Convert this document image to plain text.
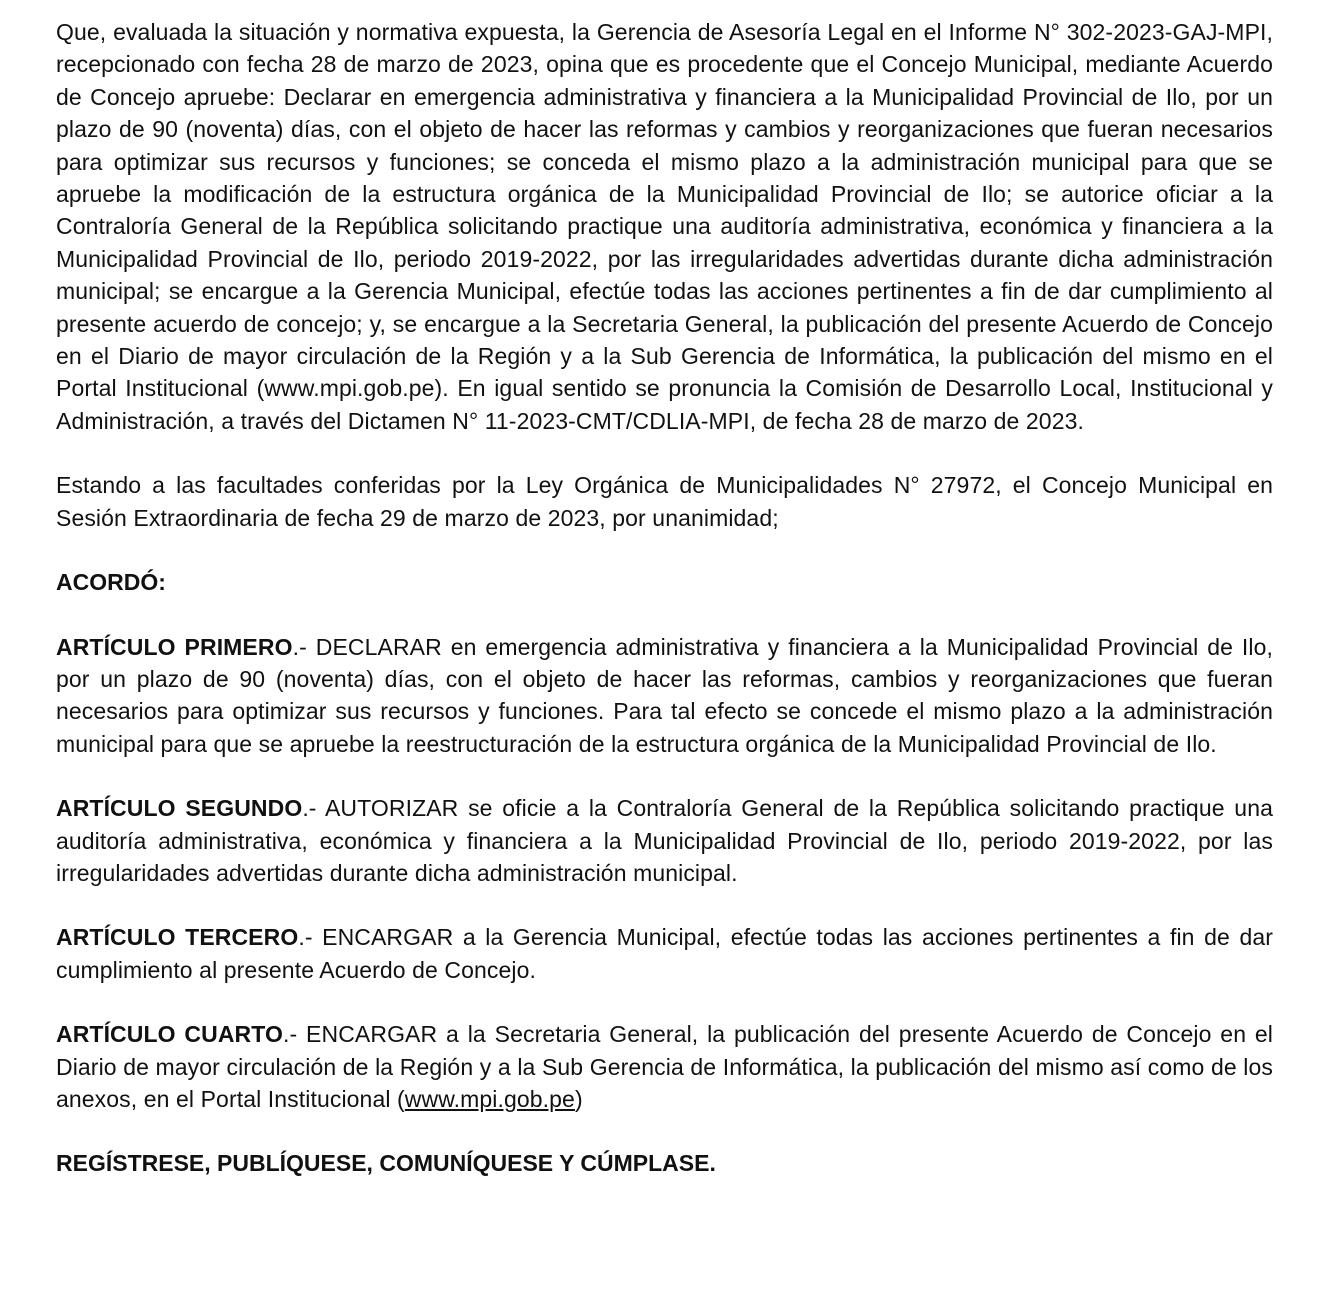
Que, evaluada la situación y normativa expuesta, la Gerencia de Asesoría Legal en el Informe N° 302-2023-GAJ-MPI, recepcionado con fecha 28 de marzo de 2023, opina que es procedente que el Concejo Municipal, mediante Acuerdo de Concejo apruebe: Declarar en emergencia administrativa y financiera a la Municipalidad Provincial de Ilo, por un plazo de 90 (noventa) días, con el objeto de hacer las reformas y cambios y reorganizaciones que fueran necesarios para optimizar sus recursos y funciones; se conceda el mismo plazo a la administración municipal para que se apruebe la modificación de la estructura orgánica de la Municipalidad Provincial de Ilo; se autorice oficiar a la Contraloría General de la República solicitando practique una auditoría administrativa, económica y financiera a la Municipalidad Provincial de Ilo, periodo 2019-2022, por las irregularidades advertidas durante dicha administración municipal; se encargue a la Gerencia Municipal, efectúe todas las acciones pertinentes a fin de dar cumplimiento al presente acuerdo de concejo; y, se encargue a la Secretaria General, la publicación del presente Acuerdo de Concejo en el Diario de mayor circulación de la Región y a la Sub Gerencia de Informática, la publicación del mismo en el Portal Institucional (www.mpi.gob.pe). En igual sentido se pronuncia la Comisión de Desarrollo Local, Institucional y Administración, a través del Dictamen N° 11-2023-CMT/CDLIA-MPI, de fecha 28 de marzo de 2023.

Estando a las facultades conferidas por la Ley Orgánica de Municipalidades N° 27972, el Concejo Municipal en Sesión Extraordinaria de fecha 29 de marzo de 2023, por unanimidad;

ACORDÓ:

ARTÍCULO PRIMERO.- DECLARAR en emergencia administrativa y financiera a la Municipalidad Provincial de Ilo, por un plazo de 90 (noventa) días, con el objeto de hacer las reformas, cambios y reorganizaciones que fueran necesarios para optimizar sus recursos y funciones. Para tal efecto se concede el mismo plazo a la administración municipal para que se apruebe la reestructuración de la estructura orgánica de la Municipalidad Provincial de Ilo.

ARTÍCULO SEGUNDO.- AUTORIZAR se oficie a la Contraloría General de la República solicitando practique una auditoría administrativa, económica y financiera a la Municipalidad Provincial de Ilo, periodo 2019-2022, por las irregularidades advertidas durante dicha administración municipal.

ARTÍCULO TERCERO.- ENCARGAR a la Gerencia Municipal, efectúe todas las acciones pertinentes a fin de dar cumplimiento al presente Acuerdo de Concejo.

ARTÍCULO CUARTO.- ENCARGAR a la Secretaria General, la publicación del presente Acuerdo de Concejo en el Diario de mayor circulación de la Región y a la Sub Gerencia de Informática, la publicación del mismo así como de los anexos, en el Portal Institucional (www.mpi.gob.pe)

REGÍSTRESE, PUBLÍQUESE, COMUNÍQUESE Y CÚMPLASE.
